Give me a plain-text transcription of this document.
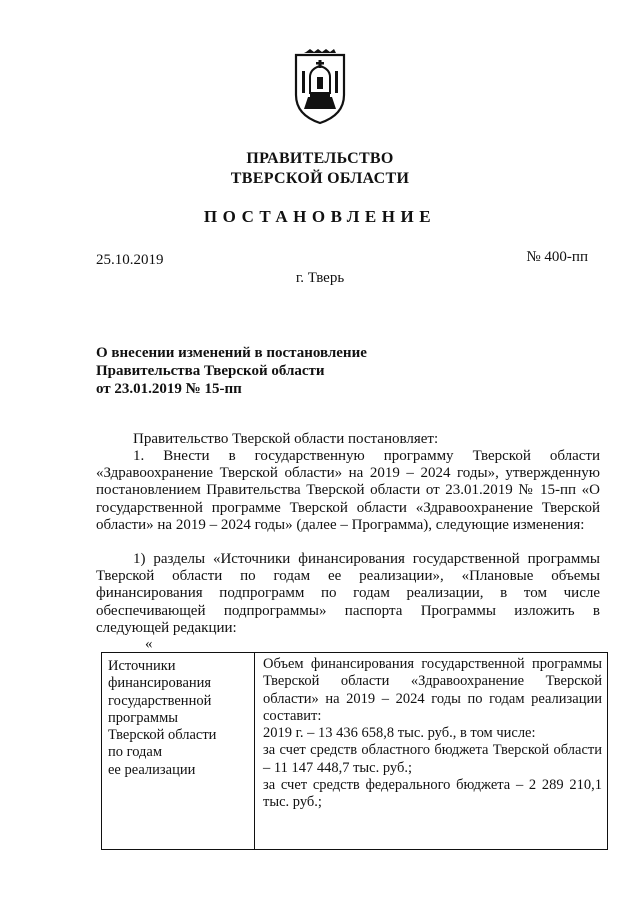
ПРАВИТЕЛЬСТВО
ТВЕРСКОЙ ОБЛАСТИ
ПОСТАНОВЛЕНИЕ
25.10.2019	№ 400-пп
г. Тверь
О внесении изменений в постановление
Правительства Тверской области
от 23.01.2019 № 15-пп
Правительство Тверской области постановляет:
1. Внести в государственную программу Тверской области «Здравоохранение Тверской области» на 2019 – 2024 годы», утвержденную постановлением Правительства Тверской области от 23.01.2019 № 15-пп «О государственной программе Тверской области «Здравоохранение Тверской области» на 2019 – 2024 годы» (далее – Программа), следующие изменения:
1) разделы «Источники финансирования государственной программы Тверской области по годам ее реализации», «Плановые объемы финансирования подпрограмм по годам реализации, в том числе обеспечивающей подпрограммы» паспорта Программы изложить в следующей редакции:
«
Источники
финансирования
государственной
программы
Тверской области
по годам
ее реализации

Объем финансирования государственной программы Тверской области «Здравоохранение Тверской области» на 2019 – 2024 годы по годам реализации составит:

2019 г. – 13 436 658,8 тыс. руб., в том числе:

за счет средств областного бюджета Тверской области – 11 147 448,7 тыс. руб.;

за счет средств федерального бюджета – 2 289 210,1 тыс. руб.;
